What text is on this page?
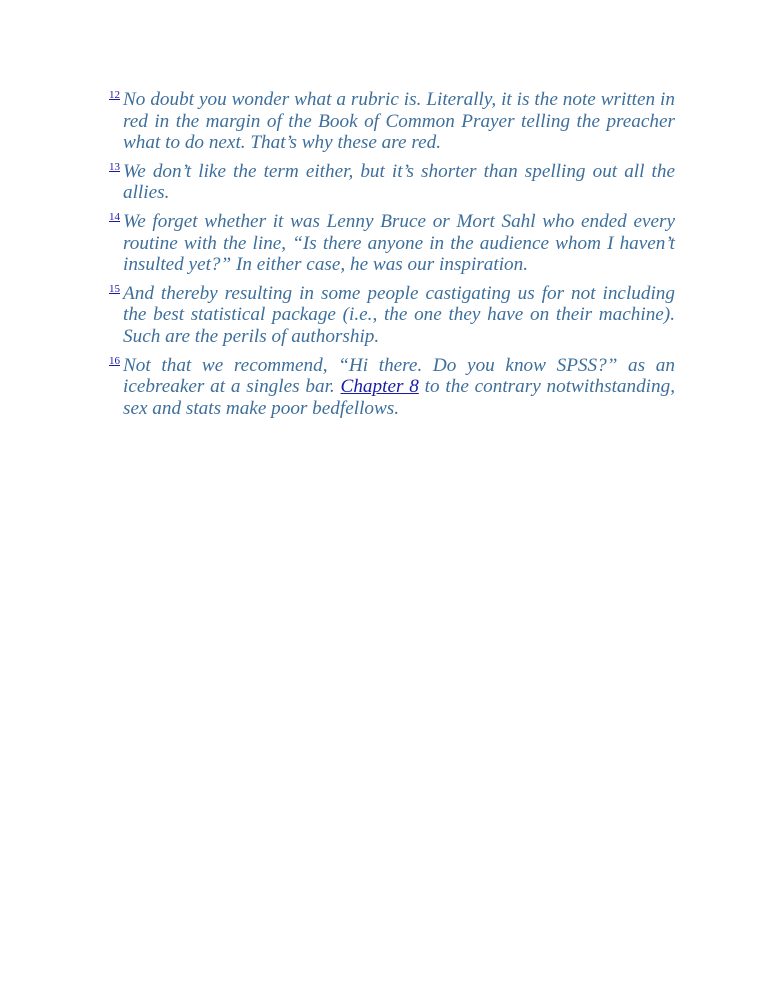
$^{12}$ No doubt you wonder what a rubric is. Literally, it is the note written in red in the margin of the Book of Common Prayer telling the preacher what to do next. That’s why these are red.

$^{13}$ We don’t like the term either, but it’s shorter than spelling out all the allies.

$^{14}$ We forget whether it was Lenny Bruce or Mort Sahl who ended every routine with the line, “Is there anyone in the audience whom I haven’t insulted yet?” In either case, he was our inspiration.

$^{15}$ And thereby resulting in some people castigating us for not including the best statistical package (i.e., the one they have on their machine). Such are the perils of authorship.

$^{16}$ Not that we recommend, “Hi there. Do you know SPSS?” as an icebreaker at a singles bar. Chapter 8 to the contrary notwithstanding, sex and stats make poor bedfellows.
